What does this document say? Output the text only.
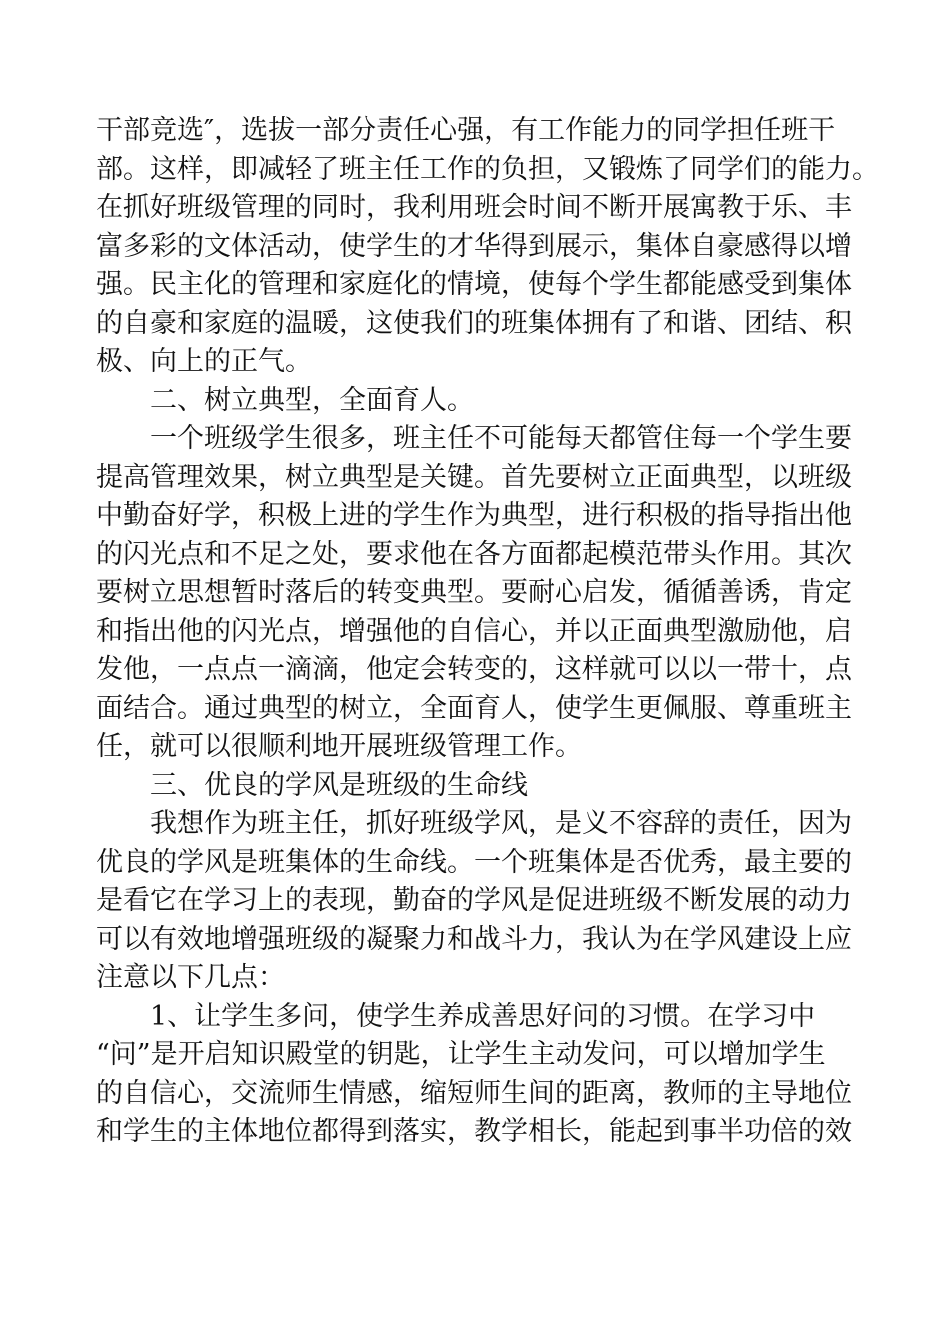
干部竞选″，选拔一部分责任心强，有工作能力的同学担任班干
部。这样，即减轻了班主任工作的负担，又锻炼了同学们的能力。
在抓好班级管理的同时，我利用班会时间不断开展寓教于乐、丰
富多彩的文体活动，使学生的才华得到展示，集体自豪感得以增
强。民主化的管理和家庭化的情境，使每个学生都能感受到集体
的自豪和家庭的温暖，这使我们的班集体拥有了和谐、团结、积
极、向上的正气。
二、树立典型，全面育人。
一个班级学生很多，班主任不可能每天都管住每一个学生要
提高管理效果，树立典型是关键。首先要树立正面典型，以班级
中勤奋好学，积极上进的学生作为典型，进行积极的指导指出他
的闪光点和不足之处，要求他在各方面都起模范带头作用。其次
要树立思想暂时落后的转变典型。要耐心启发，循循善诱，肯定
和指出他的闪光点，增强他的自信心，并以正面典型激励他，启
发他，一点点一滴滴，他定会转变的，这样就可以以一带十，点
面结合。通过典型的树立，全面育人，使学生更佩服、尊重班主
任，就可以很顺利地开展班级管理工作。
三、优良的学风是班级的生命线
我想作为班主任，抓好班级学风，是义不容辞的责任，因为
优良的学风是班集体的生命线。一个班集体是否优秀，最主要的
是看它在学习上的表现，勤奋的学风是促进班级不断发展的动力
可以有效地增强班级的凝聚力和战斗力，我认为在学风建设上应
注意以下几点：
1、让学生多问，使学生养成善思好问的习惯。在学习中
“问”是开启知识殿堂的钥匙，让学生主动发问，可以增加学生
的自信心，交流师生情感，缩短师生间的距离，教师的主导地位
和学生的主体地位都得到落实，教学相长，能起到事半功倍的效
